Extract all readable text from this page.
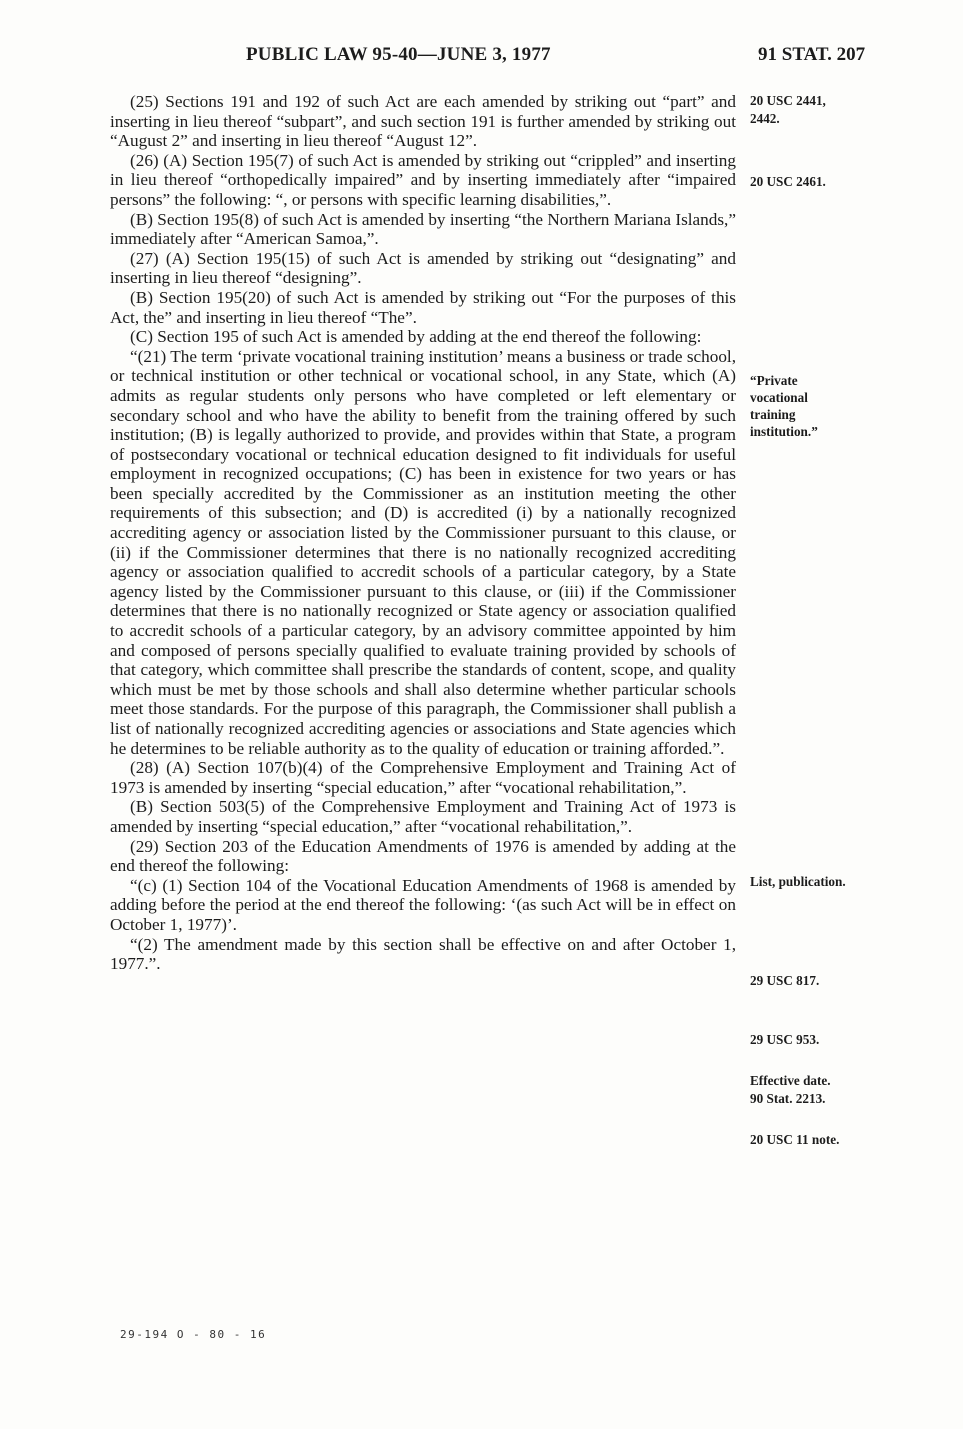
PUBLIC LAW 95-40—JUNE 3, 1977	91 STAT. 207

(25) Sections 191 and 192 of such Act are each amended by striking out “part” and inserting in lieu thereof “subpart”, and such section 191 is further amended by striking out “August 2” and inserting in lieu thereof “August 12”.

(26) (A) Section 195(7) of such Act is amended by striking out “crippled” and inserting in lieu thereof “orthopedically impaired” and by inserting immediately after “impaired persons” the following: “, or persons with specific learning disabilities,”.

(B) Section 195(8) of such Act is amended by inserting “the Northern Mariana Islands,” immediately after “American Samoa,”.

(27) (A) Section 195(15) of such Act is amended by striking out “designating” and inserting in lieu thereof “designing”.

(B) Section 195(20) of such Act is amended by striking out “For the purposes of this Act, the” and inserting in lieu thereof “The”.

(C) Section 195 of such Act is amended by adding at the end thereof the following:

“(21) The term ‘private vocational training institution’ means a business or trade school, or technical institution or other technical or vocational school, in any State, which (A) admits as regular students only persons who have completed or left elementary or secondary school and who have the ability to benefit from the training offered by such institution; (B) is legally authorized to provide, and provides within that State, a program of postsecondary vocational or technical education designed to fit individuals for useful employment in recognized occupations; (C) has been in existence for two years or has been specially accredited by the Commissioner as an institution meeting the other requirements of this subsection; and (D) is accredited (i) by a nationally recognized accrediting agency or association listed by the Commissioner pursuant to this clause, or (ii) if the Commissioner determines that there is no nationally recognized accrediting agency or association qualified to accredit schools of a particular category, by a State agency listed by the Commissioner pursuant to this clause, or (iii) if the Commissioner determines that there is no nationally recognized or State agency or association qualified to accredit schools of a particular category, by an advisory committee appointed by him and composed of persons specially qualified to evaluate training provided by schools of that category, which committee shall prescribe the standards of content, scope, and quality which must be met by those schools and shall also determine whether particular schools meet those standards. For the purpose of this paragraph, the Commissioner shall publish a list of nationally recognized accrediting agencies or associations and State agencies which he determines to be reliable authority as to the quality of education or training afforded.”.

(28) (A) Section 107(b)(4) of the Comprehensive Employment and Training Act of 1973 is amended by inserting “special education,” after “vocational rehabilitation,”.

(B) Section 503(5) of the Comprehensive Employment and Training Act of 1973 is amended by inserting “special education,” after “vocational rehabilitation,”.

(29) Section 203 of the Education Amendments of 1976 is amended by adding at the end thereof the following:

“(c) (1) Section 104 of the Vocational Education Amendments of 1968 is amended by adding before the period at the end thereof the following: ‘(as such Act will be in effect on October 1, 1977)’.

“(2) The amendment made by this section shall be effective on and after October 1, 1977.”.

20 USC 2441,
2442.
20 USC 2461.
“Private
vocational
training
institution.”
List, publication.
29 USC 817.
29 USC 953.
Effective date.
90 Stat. 2213.
20 USC 11 note.
29-194 O - 80 - 16
